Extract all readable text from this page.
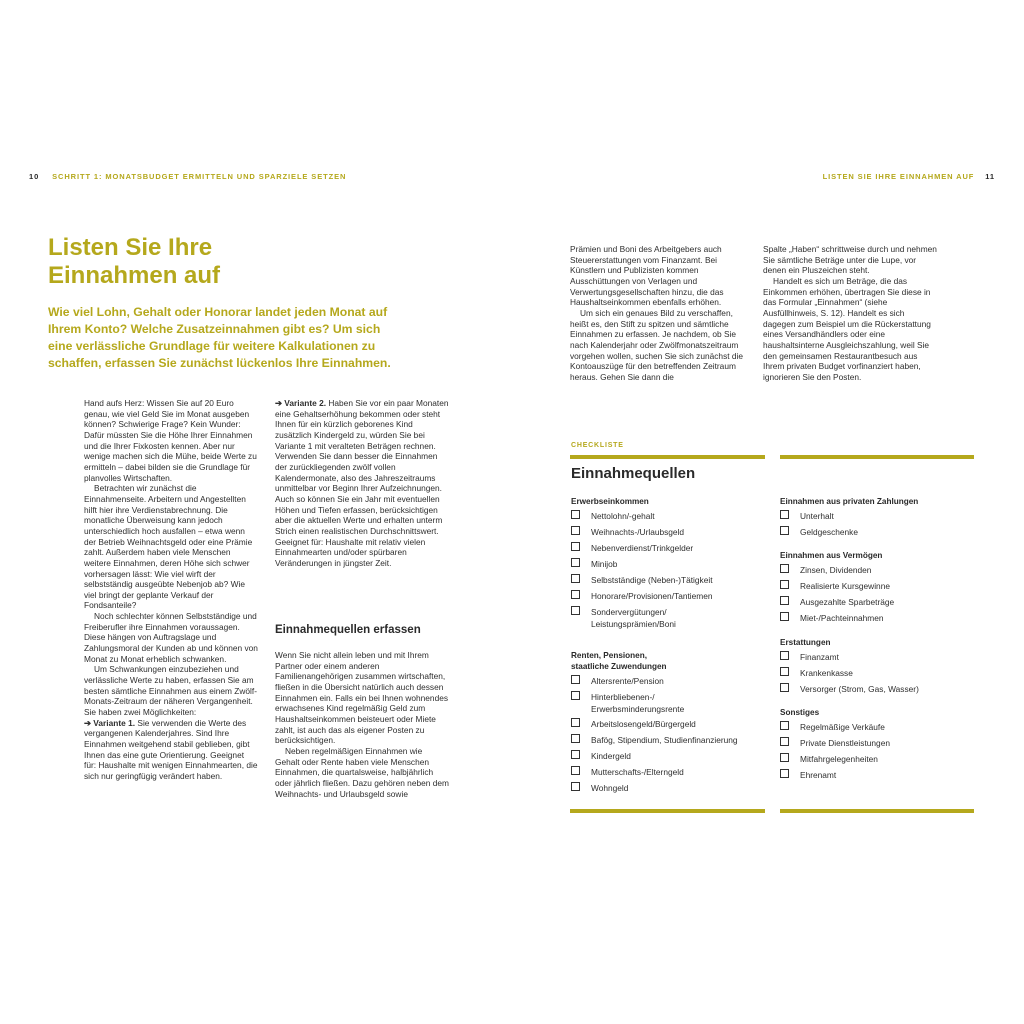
10 SCHRITT 1: MONATSBUDGET ERMITTELN UND SPARZIELE SETZEN	LISTEN SIE IHRE EINNAHMEN AUF 11
Listen Sie Ihre
Einnahmen auf
Wie viel Lohn, Gehalt oder Honorar landet jeden Monat auf Ihrem Konto? Welche Zusatzeinnahmen gibt es? Um sich eine verlässliche Grundlage für weitere Kalkulationen zu schaffen, erfassen Sie zunächst lückenlos Ihre Einnahmen.

Hand aufs Herz: Wissen Sie auf 20 Euro genau, wie viel Geld Sie im Monat ausgeben können? Schwierige Frage? Kein Wunder: Dafür müssten Sie die Höhe Ihrer Einnahmen und die Ihrer Fixkosten kennen. Aber nur wenige machen sich die Mühe, beide Werte zu ermitteln – dabei bilden sie die Grundlage für planvolles Wirtschaften.

Betrachten wir zunächst die Einnahmenseite. Arbeitern und Angestellten hilft hier ihre Verdienstabrechnung. Die monatliche Überweisung kann jedoch unterschiedlich hoch ausfallen – etwa wenn der Betrieb Weihnachtsgeld oder eine Prämie zahlt. Außerdem haben viele Menschen weitere Einnahmen, deren Höhe sich schwer vorhersagen lässt: Wie viel wirft der selbstständig ausgeübte Nebenjob ab? Wie viel bringt der geplante Verkauf der Fondsanteile?

Noch schlechter können Selbstständige und Freiberufler ihre Einnahmen voraussagen. Diese hängen von Auftragslage und Zahlungsmoral der Kunden ab und können von Monat zu Monat erheblich schwanken.

Um Schwankungen einzubeziehen und verlässliche Werte zu haben, erfassen Sie am besten sämtliche Einnahmen aus einem Zwölf-Monats-Zeitraum der näheren Vergangenheit. Sie haben zwei Möglichkeiten:

➔ Variante 1. Sie verwenden die Werte des vergangenen Kalenderjahres. Sind Ihre Einnahmen weitgehend stabil geblieben, gibt Ihnen das eine gute Orientierung. Geeignet für: Haushalte mit wenigen Einnahmearten, die sich nur geringfügig verändert haben.

➔ Variante 2. Haben Sie vor ein paar Monaten eine Gehaltserhöhung bekommen oder steht Ihnen für ein kürzlich geborenes Kind zusätzlich Kindergeld zu, würden Sie bei Variante 1 mit veralteten Beträgen rechnen. Verwenden Sie dann besser die Einnahmen der zurückliegenden zwölf vollen Kalendermonate, also des Jahreszeitraums unmittelbar vor Beginn Ihrer Aufzeichnungen. Auch so können Sie ein Jahr mit eventuellen Höhen und Tiefen erfassen, berücksichtigen aber die aktuellen Werte und erhalten unterm Strich einen realistischen Durchschnittswert. Geeignet für: Haushalte mit relativ vielen Einnahmearten und/oder spürbaren Veränderungen in jüngster Zeit.

Einnahmequellen erfassen

Wenn Sie nicht allein leben und mit Ihrem Partner oder einem anderen Familienangehörigen zusammen wirtschaften, fließen in die Übersicht natürlich auch dessen Einnahmen ein. Falls ein bei Ihnen wohnendes erwachsenes Kind regelmäßig Geld zum Haushaltseinkommen beisteuert oder Miete zahlt, ist auch das als eigener Posten zu berücksichtigen.

Neben regelmäßigen Einnahmen wie Gehalt oder Rente haben viele Menschen Einnahmen, die quartalsweise, halbjährlich oder jährlich fließen. Dazu gehören neben dem Weihnachts- und Urlaubsgeld sowie

Prämien und Boni des Arbeitgebers auch Steuererstattungen vom Finanzamt. Bei Künstlern und Publizisten kommen Ausschüttungen von Verlagen und Verwertungsgesellschaften hinzu, die das Haushaltseinkommen ebenfalls erhöhen.

Um sich ein genaues Bild zu verschaffen, heißt es, den Stift zu spitzen und sämtliche Einnahmen zu erfassen. Je nachdem, ob Sie nach Kalenderjahr oder Zwölfmonatszeitraum vorgehen wollen, suchen Sie sich zunächst die Kontoauszüge für den betreffenden Zeitraum heraus. Gehen Sie dann die

Spalte „Haben“ schrittweise durch und nehmen Sie sämtliche Beträge unter die Lupe, vor denen ein Pluszeichen steht.

Handelt es sich um Beträge, die das Einkommen erhöhen, übertragen Sie diese in das Formular „Einnahmen“ (siehe Ausfüllhinweis, S. 12). Handelt es sich dagegen zum Beispiel um die Rückerstattung eines Versandhändlers oder eine haushaltsinterne Ausgleichszahlung, weil Sie den gemeinsamen Restaurantbesuch aus Ihrem privaten Budget vorfinanziert haben, ignorieren Sie den Posten.

CHECKLISTE
Einnahmequellen
Erwerbseinkommen
Nettolohn/-gehalt
Weihnachts-/Urlaubsgeld
Nebenverdienst/Trinkgelder
Minijob
Selbstständige (Neben-)Tätigkeit
Honorare/Provisionen/Tantiemen
Sondervergütungen/
Leistungsprämien/Boni
Renten, Pensionen,
staatliche Zuwendungen
Altersrente/Pension
Hinterbliebenen-/
Erwerbsminderungsrente
Arbeitslosengeld/Bürgergeld
Bafög, Stipendium, Studienfinanzierung
Kindergeld
Mutterschafts-/Elterngeld
Wohngeld
Einnahmen aus privaten Zahlungen
Unterhalt
Geldgeschenke
Einnahmen aus Vermögen
Zinsen, Dividenden
Realisierte Kursgewinne
Ausgezahlte Sparbeträge
Miet-/Pachteinnahmen
Erstattungen
Finanzamt
Krankenkasse
Versorger (Strom, Gas, Wasser)
Sonstiges
Regelmäßige Verkäufe
Private Dienstleistungen
Mitfahrgelegenheiten
Ehrenamt
